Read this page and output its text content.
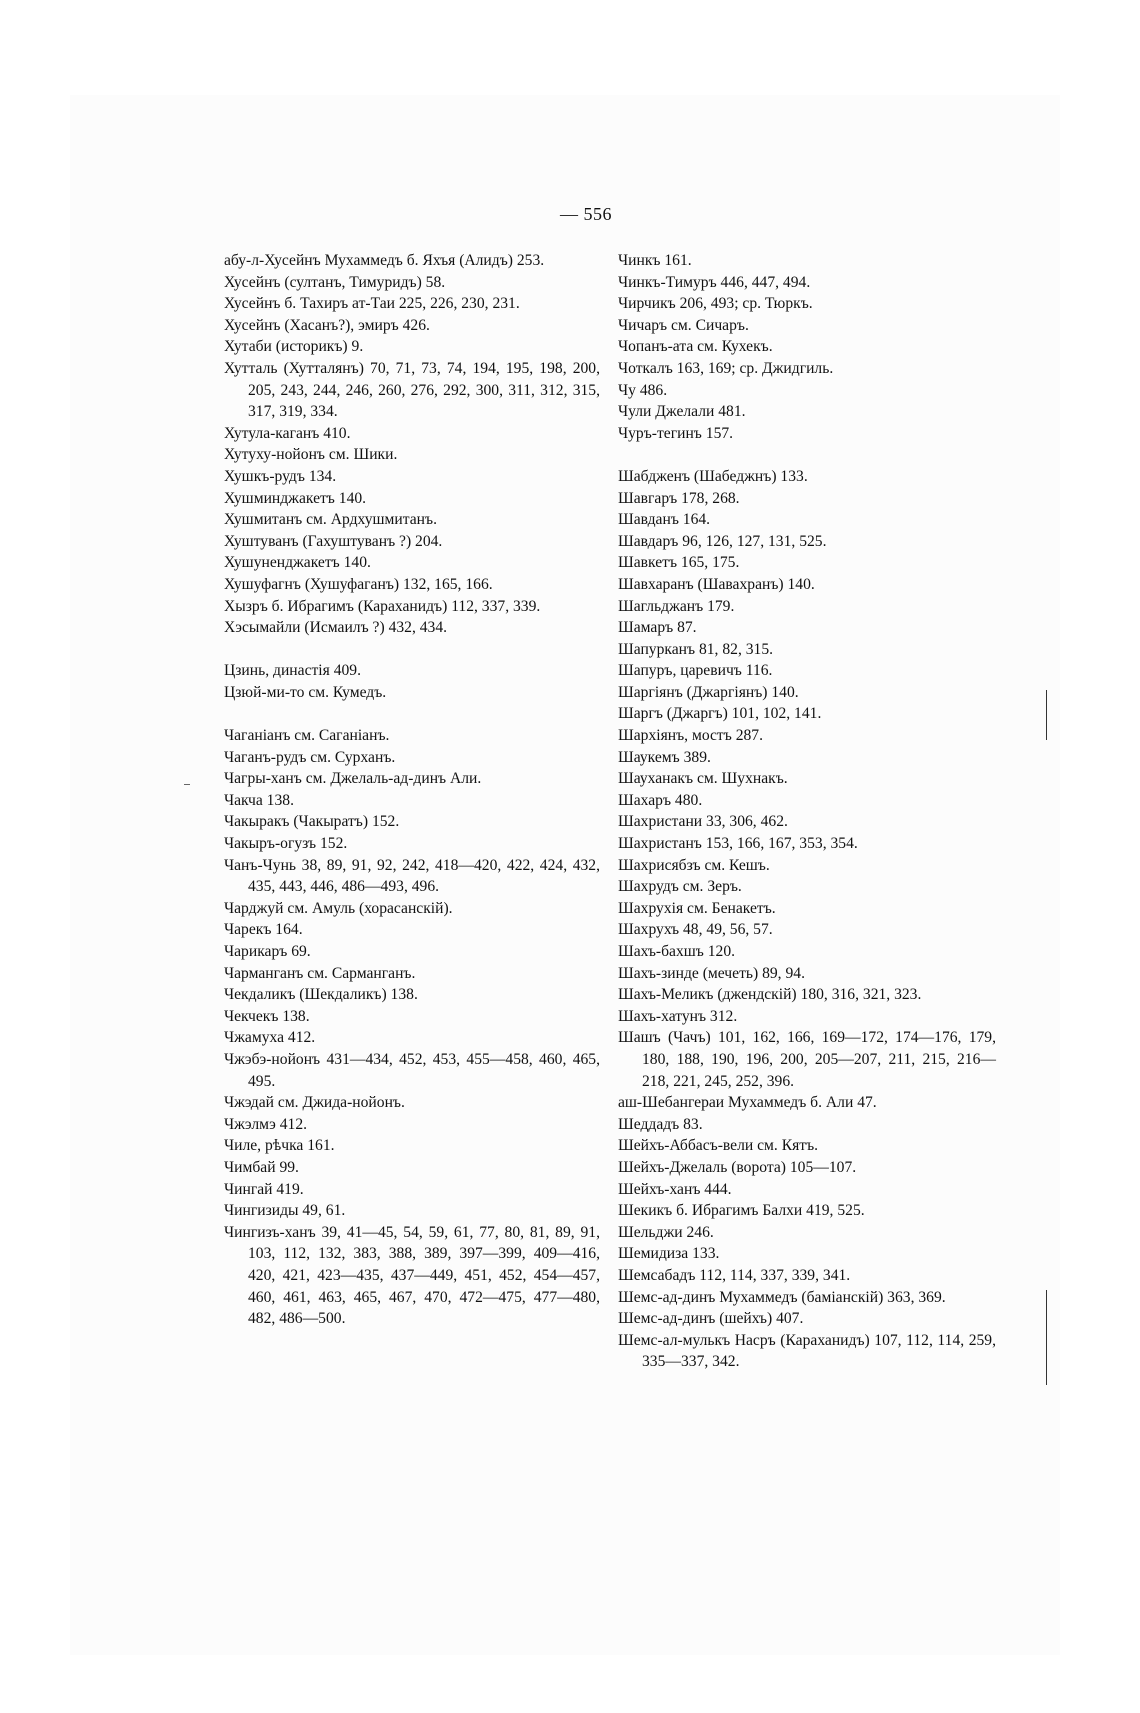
— 556
абу-л-Хусейнъ Мухаммедъ б. Яхъя (Алидъ) 253.
Хусейнъ (султанъ, Тимуридъ) 58.
Хусейнъ б. Тахиръ ат-Таи 225, 226, 230, 231.
Хусейнъ (Хасанъ?), эмиръ 426.
Хутаби (историкъ) 9.
Хутталь (Хутталянъ) 70, 71, 73, 74, 194, 195, 198, 200, 205, 243, 244, 246, 260, 276, 292, 300, 311, 312, 315, 317, 319, 334.
Хутула-каганъ 410.
Хутуху-нойонъ см. Шики.
Хушкъ-рудъ 134.
Хушминджакетъ 140.
Хушмитанъ см. Ардхушмитанъ.
Хуштуванъ (Гахуштуванъ ?) 204.
Хушуненджакетъ 140.
Хушуфагнъ (Хушуфаганъ) 132, 165, 166.
Хызръ б. Ибрагимъ (Караханидъ) 112, 337, 339.
Хэсымайли (Исмаилъ ?) 432, 434.
Цзинь, династія 409.
Цзюй-ми-то см. Кумедъ.
Чаганіанъ см. Саганіанъ.
Чаганъ-рудъ см. Сурханъ.
Чагры-ханъ см. Джелаль-ад-динъ Али.
Чакча 138.
Чакыракъ (Чакыратъ) 152.
Чакыръ-огузъ 152.
Чанъ-Чунь 38, 89, 91, 92, 242, 418—420, 422, 424, 432, 435, 443, 446, 486—493, 496.
Чарджуй см. Амуль (хорасанскій).
Чарекъ 164.
Чарикаръ 69.
Чарманганъ см. Сарманганъ.
Чекдаликъ (Шекдаликъ) 138.
Чекчекъ 138.
Чжамуха 412.
Чжэбэ-нойонъ 431—434, 452, 453, 455—458, 460, 465, 495.
Чжэдай см. Джида-нойонъ.
Чжэлмэ 412.
Чиле, рѣчка 161.
Чимбай 99.
Чингай 419.
Чингизиды 49, 61.
Чингизъ-ханъ 39, 41—45, 54, 59, 61, 77, 80, 81, 89, 91, 103, 112, 132, 383, 388, 389, 397—399, 409—416, 420, 421, 423—435, 437—449, 451, 452, 454—457, 460, 461, 463, 465, 467, 470, 472—475, 477—480, 482, 486—500.
Чинкъ 161.
Чинкъ-Тимуръ 446, 447, 494.
Чирчикъ 206, 493; ср. Тюркъ.
Чичаръ см. Сичаръ.
Чопанъ-ата см. Кухекъ.
Чоткалъ 163, 169; ср. Джидгиль.
Чу 486.
Чули Джелали 481.
Чуръ-тегинъ 157.
Шабдженъ (Шабеджнъ) 133.
Шавгаръ 178, 268.
Шавданъ 164.
Шавдаръ 96, 126, 127, 131, 525.
Шавкетъ 165, 175.
Шавхаранъ (Шавахранъ) 140.
Шагльджанъ 179.
Шамаръ 87.
Шапурканъ 81, 82, 315.
Шапуръ, царевичъ 116.
Шаргіянъ (Джаргіянъ) 140.
Шаргъ (Джаргъ) 101, 102, 141.
Шархіянъ, мостъ 287.
Шаукемъ 389.
Шауханакъ см. Шухнакъ.
Шахаръ 480.
Шахристани 33, 306, 462.
Шахристанъ 153, 166, 167, 353, 354.
Шахрисябзъ см. Кешъ.
Шахрудъ см. Зеръ.
Шахрухія см. Бенакетъ.
Шахрухъ 48, 49, 56, 57.
Шахъ-бахшъ 120.
Шахъ-зинде (мечеть) 89, 94.
Шахъ-Меликъ (джендскій) 180, 316, 321, 323.
Шахъ-хатунъ 312.
Шашъ (Чачъ) 101, 162, 166, 169—172, 174—176, 179, 180, 188, 190, 196, 200, 205—207, 211, 215, 216—218, 221, 245, 252, 396.
аш-Шебангераи Мухаммедъ б. Али 47.
Шеддадъ 83.
Шейхъ-Аббасъ-вели см. Кятъ.
Шейхъ-Джелаль (ворота) 105—107.
Шейхъ-ханъ 444.
Шекикъ б. Ибрагимъ Балхи 419, 525.
Шельджи 246.
Шемидиза 133.
Шемсабадъ 112, 114, 337, 339, 341.
Шемс-ад-динъ Мухаммедъ (баміанскій) 363, 369.
Шемс-ад-динъ (шейхъ) 407.
Шемс-ал-мулькъ Насръ (Караханидъ) 107, 112, 114, 259, 335—337, 342.
